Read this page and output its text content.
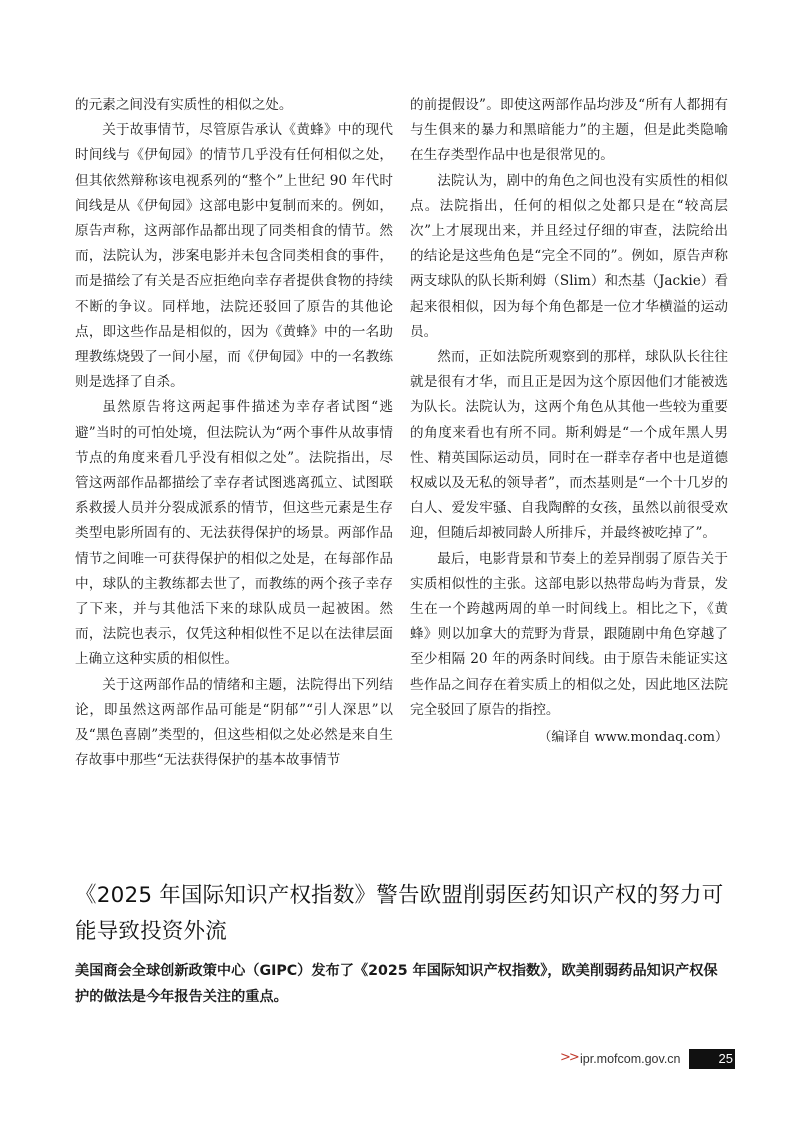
的元素之间没有实质性的相似之处。

关于故事情节，尽管原告承认《黄蜂》中的现代时间线与《伊甸园》的情节几乎没有任何相似之处，但其依然辩称该电视系列的“整个”上世纪 90 年代时间线是从《伊甸园》这部电影中复制而来的。例如，原告声称，这两部作品都出现了同类相食的情节。然而，法院认为，涉案电影并未包含同类相食的事件，而是描绘了有关是否应拒绝向幸存者提供食物的持续不断的争议。同样地，法院还驳回了原告的其他论点，即这些作品是相似的，因为《黄蜂》中的一名助理教练烧毁了一间小屋，而《伊甸园》中的一名教练则是选择了自杀。

虽然原告将这两起事件描述为幸存者试图“逃避”当时的可怕处境，但法院认为“两个事件从故事情节点的角度来看几乎没有相似之处”。法院指出，尽管这两部作品都描绘了幸存者试图逃离孤立、试图联系救援人员并分裂成派系的情节，但这些元素是生存类型电影所固有的、无法获得保护的场景。两部作品情节之间唯一可获得保护的相似之处是，在每部作品中，球队的主教练都去世了，而教练的两个孩子幸存了下来，并与其他活下来的球队成员一起被困。然而，法院也表示，仅凭这种相似性不足以在法律层面上确立这种实质的相似性。

关于这两部作品的情绪和主题，法院得出下列结论，即虽然这两部作品可能是“阴郁”“引人深思”以及“黑色喜剧”类型的，但这些相似之处必然是来自生存故事中那些“无法获得保护的基本故事情节

的前提假设”。即使这两部作品均涉及“所有人都拥有与生俱来的暴力和黑暗能力”的主题，但是此类隐喻在生存类型作品中也是很常见的。

法院认为，剧中的角色之间也没有实质性的相似点。法院指出，任何的相似之处都只是在“较高层次”上才展现出来，并且经过仔细的审查，法院给出的结论是这些角色是“完全不同的”。例如，原告声称两支球队的队长斯利姆（Slim）和杰基（Jackie）看起来很相似，因为每个角色都是一位才华横溢的运动员。

然而，正如法院所观察到的那样，球队队长往往就是很有才华，而且正是因为这个原因他们才能被选为队长。法院认为，这两个角色从其他一些较为重要的角度来看也有所不同。斯利姆是“一个成年黑人男性、精英国际运动员，同时在一群幸存者中也是道德权威以及无私的领导者”，而杰基则是“一个十几岁的白人、爱发牢骚、自我陶醉的女孩，虽然以前很受欢迎，但随后却被同龄人所排斥，并最终被吃掉了”。

最后，电影背景和节奏上的差异削弱了原告关于实质相似性的主张。这部电影以热带岛屿为背景，发生在一个跨越两周的单一时间线上。相比之下，《黄蜂》则以加拿大的荒野为背景，跟随剧中角色穿越了至少相隔 20 年的两条时间线。由于原告未能证实这些作品之间存在着实质上的相似之处，因此地区法院完全驳回了原告的指控。

（编译自 www.mondaq.com）

《2025 年国际知识产权指数》警告欧盟削弱医药知识产权的努力可能导致投资外流

美国商会全球创新政策中心（GIPC）发布了《2025 年国际知识产权指数》，欧美削弱药品知识产权保护的做法是今年报告关注的重点。

>> ipr.mofcom.gov.cn	25
